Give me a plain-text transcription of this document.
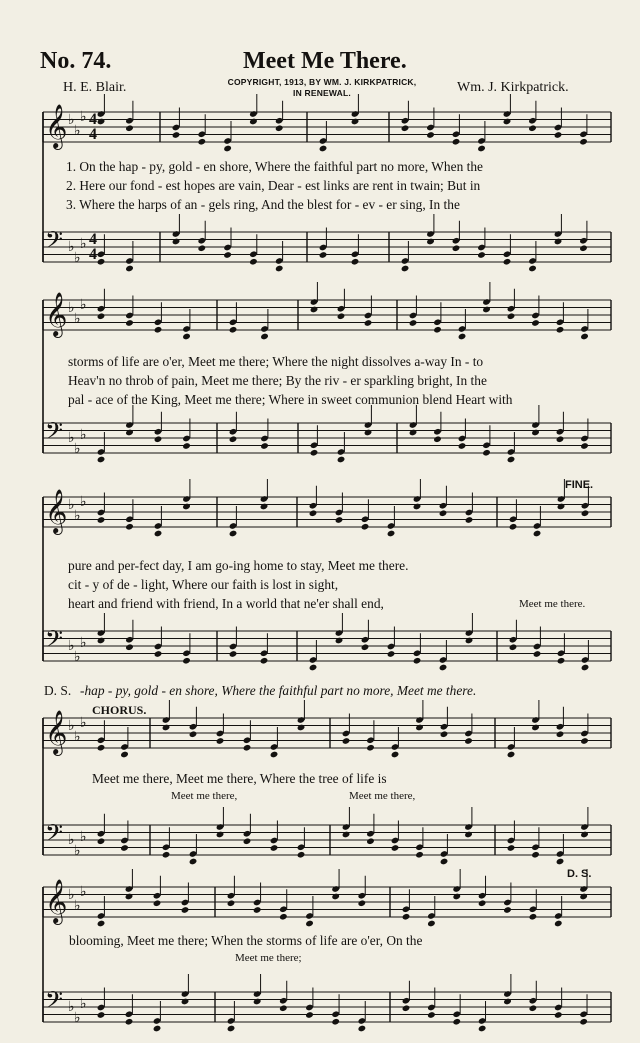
No. 74.	Meet Me There.
H. E. Blair.	COPYRIGHT, 1913, BY WM. J. KIRKPATRICK,
IN RENEWAL.	Wm. J. Kirkpatrick.
𝄞 ♭
♭
♭
𝄢 ♭
♭
♭
𝄞 ♭
♭
♭
𝄢 ♭
♭
♭
𝄞 ♭
♭
♭
𝄢 ♭
♭
♭
𝄞 ♭
♭
♭
𝄢 ♭
♭
♭
𝄞 ♭
♭
♭
𝄢 ♭
♭
♭
4
4
4
4
1. On the hap - py, gold - en shore, Where the faithful part no more, When the
2. Here our fond - est hopes are vain, Dear - est links are rent in twain; But in
3. Where the harps of an - gels ring, And the blest for - ev - er sing, In the
storms of life are o'er, Meet me there; Where the night dissolves a-way In - to
Heav'n no throb of pain, Meet me there; By the riv - er sparkling bright, In the
pal - ace of the King, Meet me there; Where in sweet communion blend Heart with
FINE.
pure and per-fect day, I am go-ing home to stay, Meet me there.
cit - y of de - light, Where our faith is lost in sight,
heart and friend with friend, In a world that ne'er shall end,	Meet me there.
D. S. -hap - py, gold - en shore, Where the faithful part no more, Meet me there.
CHORUS.
Meet me there, Meet me there, Where the tree of life is
Meet me there,	Meet me there,
D. S.
blooming, Meet me there; When the storms of life are o'er, On the
Meet me there;
